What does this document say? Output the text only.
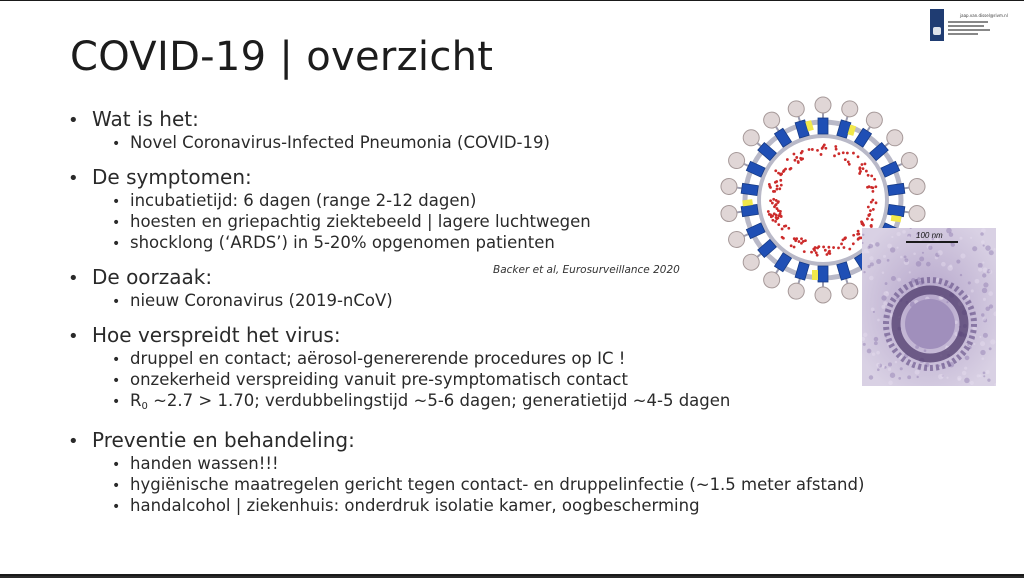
jaap.van.dissel@rivm.nl
COVID-19 | overzicht
• Wat is het:
• Novel Coronavirus-Infected Pneumonia (COVID-19)
• De symptomen:
• incubatietijd: 6 dagen (range 2-12 dagen)
• hoesten en griepachtig ziektebeeld | lagere luchtwegen
• shocklong (‘ARDS’) in 5-20% opgenomen patienten
• De oorzaak:
• nieuw Coronavirus (2019-nCoV)
• Hoe verspreidt het virus:
• druppel en contact; aërosol-genererende procedures op IC !
• onzekerheid verspreiding vanuit pre-symptomatisch contact
• R0 ~2.7 > 1.70; verdubbelingstijd ~5-6 dagen; generatietijd ~4-5 dagen
• Preventie en behandeling:
• handen wassen!!!
• hygiënische maatregelen gericht tegen contact- en druppelinfectie (~1.5 meter afstand)
• handalcohol | ziekenhuis: onderdruk isolatie kamer, oogbescherming
Backer et al, Eurosurveillance 2020
100 nm
